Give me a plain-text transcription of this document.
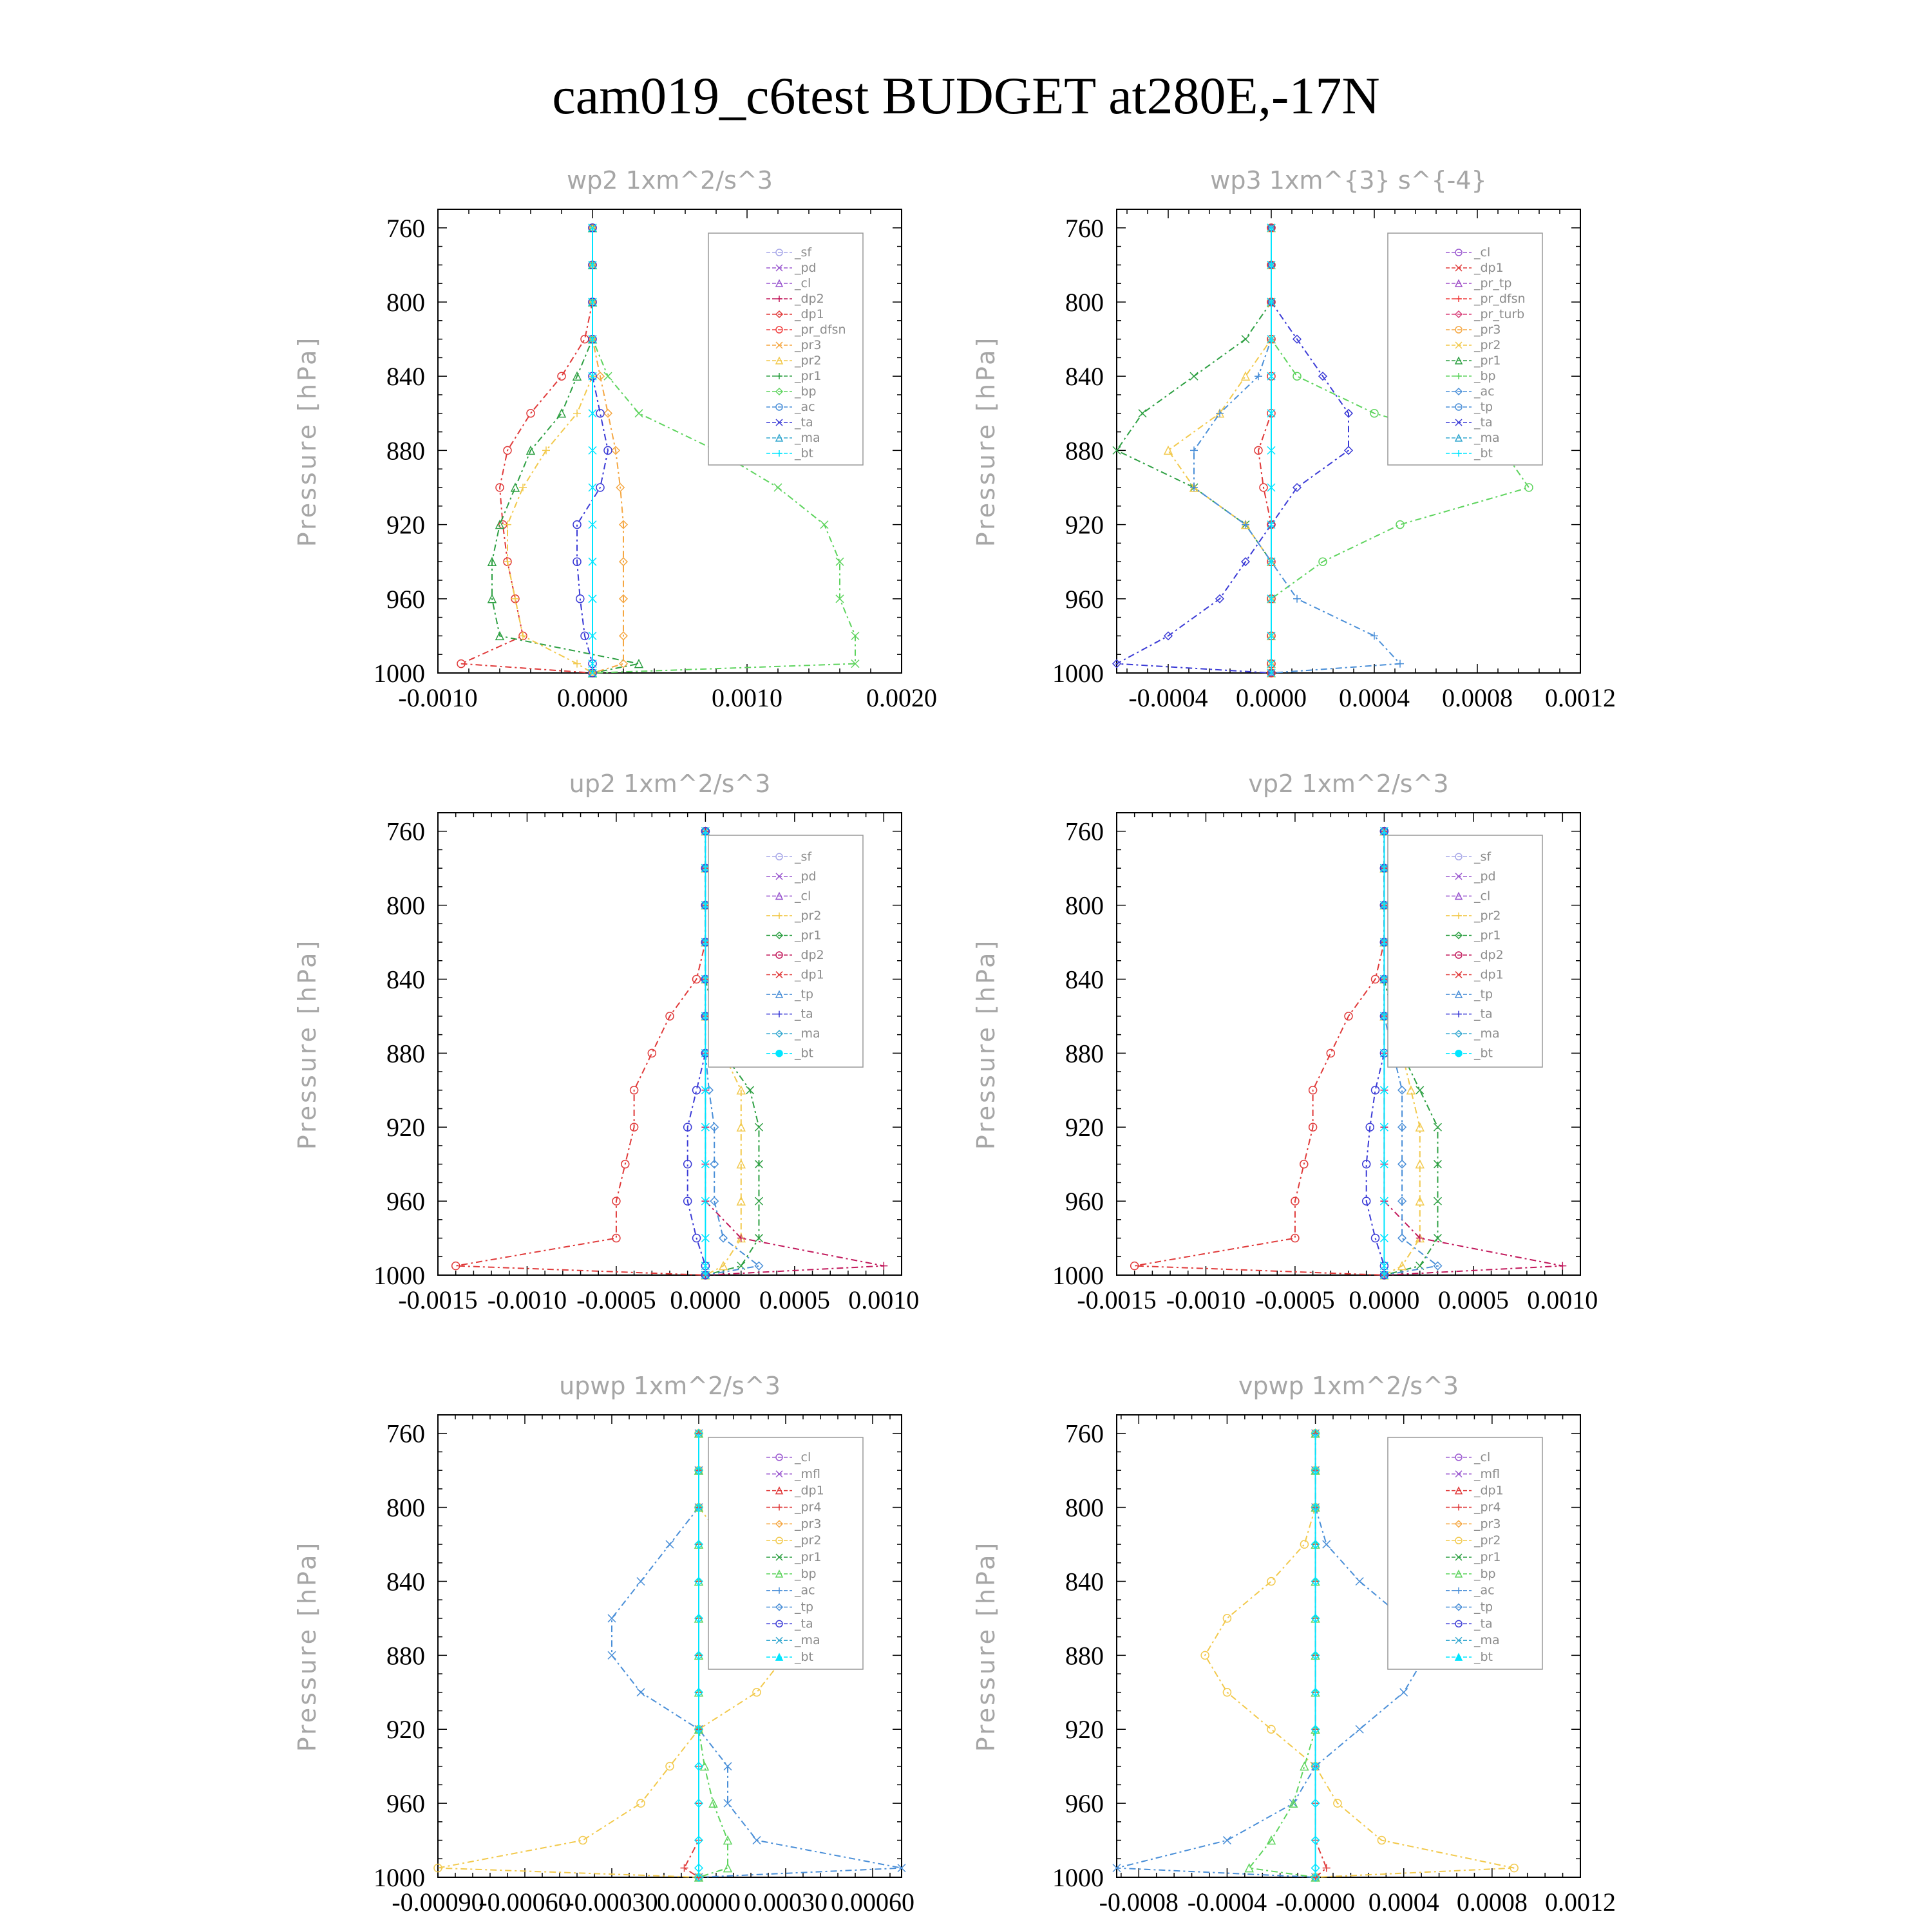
cam019_c6test BUDGET at280E,-17N
wp2 1xm^2/s^3
Pressure [hPa]
760
800
840
880
920
960
1000
-0.0010	0.0000	0.0010	0.0020
_sf
_pd
_cl
_dp2
_dp1
_pr_dfsn
_pr3
_pr2
_pr1
_bp
_ac
_ta
_ma
_bt
wp3 1xm^{3} s^{-4}
Pressure [hPa]
760
800
840
880
920
960
1000
-0.0004 0.0000 0.0004 0.0008 0.0012
_cl
_dp1
_pr_tp
_pr_dfsn
_pr_turb
_pr3
_pr2
_pr1
_bp
_ac
_tp
_ta
_ma
_bt
up2 1xm^2/s^3
Pressure [hPa]
760
800
840
880
920
960
1000
-0.0015 -0.0010 -0.0005 0.0000 0.0005 0.0010
_sf
_pd
_cl
_pr2
_pr1
_dp2
_dp1
_tp
_ta
_ma
_bt
vp2 1xm^2/s^3
Pressure [hPa]
760
800
840
880
920
960
1000
-0.0015 -0.0010 -0.0005 0.0000 0.0005 0.0010
_sf
_pd
_cl
_pr2
_pr1
_dp2
_dp1
_tp
_ta
_ma
_bt
upwp 1xm^2/s^3
Pressure [hPa]
760
800
840
880
920
960
1000
-0.00090
-0.00060
-0.00030
0.00000 0.00030 0.00060
_cl
_mfl
_dp1
_pr4
_pr3
_pr2
_pr1
_bp
_ac
_tp
_ta
_ma
_bt
vpwp 1xm^2/s^3
Pressure [hPa]
760
800
840
880
920
960
1000
-0.0008 -0.0004 -0.0000 0.0004 0.0008 0.0012
_cl
_mfl
_dp1
_pr4
_pr3
_pr2
_pr1
_bp
_ac
_tp
_ta
_ma
_bt
